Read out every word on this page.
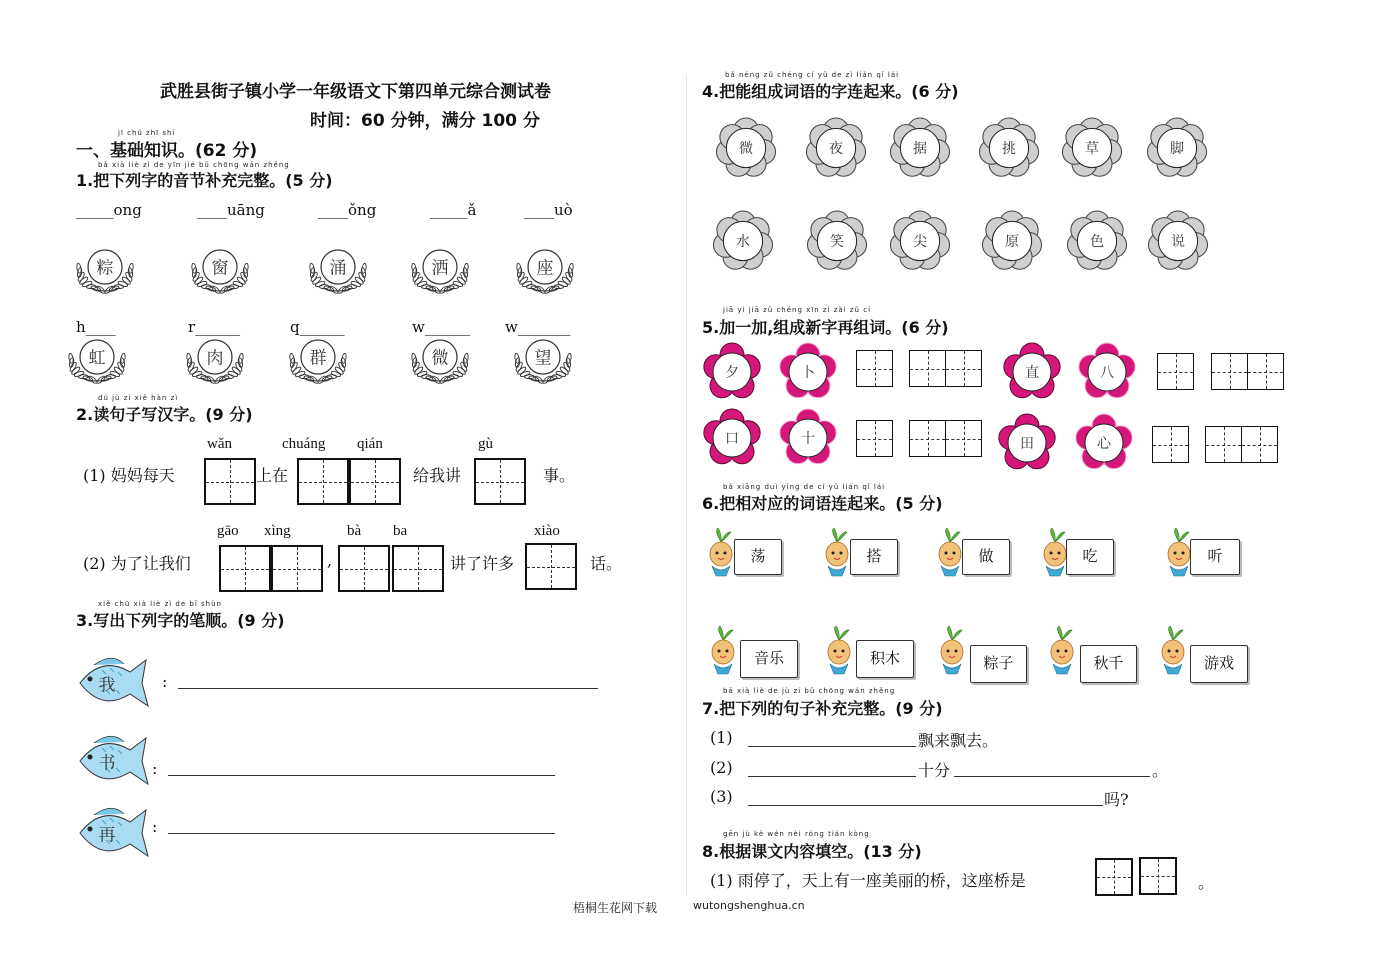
武胜县街子镇小学一年级语文下第四单元综合测试卷
时间：60 分钟，满分 100 分
jī chǔ zhī shí
一、基础知识。(62 分)
bǎ xià liè zì de yīn jié bǔ chōng wán zhěng
1.把下列字的音节补充完整。(5 分)
dú jù zi xiě hàn zì
2.读句子写汉字。(9 分)
(1) 妈妈每天	上在	给我讲	事。
wǎn	chuáng qián	gù
(2) 为了让我们	,	讲了许多	话。
gāo xìng	bà ba	xiào
xiě chū xià liè zì de bǐ shùn
3.写出下列字的笔顺。(9 分)
bǎ néng zǔ chéng cí yǔ de zì lián qǐ lái
4.把能组成词语的字连起来。(6 分)
jiā yi jiā zǔ chéng xīn zì zài zǔ cí
5.加一加,组成新字再组词。(6 分)
bǎ xiāng duì yìng de cí yǔ lián qǐ lái
6.把相对应的词语连起来。(5 分)
bǎ xià liè de jù zi bǔ chōng wán zhěng
7.把下列的句子补充完整。(9 分)
(1)	飘来飘去。
(2)	十分	。
(3)	吗?
gēn jù kè wén nèi róng tián kòng
8.根据课文内容填空。(13 分)
(1) 雨停了，天上有一座美丽的桥，这座桥是	。
梧桐生花网下载	wutongshenghua.cn
_____ong	____uāng	____ǒng	_____ǎ	____uò
粽	窗	涌	洒	座
h____	r______	q______	w______ w_______
虹	肉	群	微	望
我	:
书	:
再	:
微	夜	据	挑	草	脚
水	笑	尖	原	色	说
夕	卜	直	八
口	十	田	心
荡	搭	做	吃	听
音乐	积木	粽子	秋千	游戏
